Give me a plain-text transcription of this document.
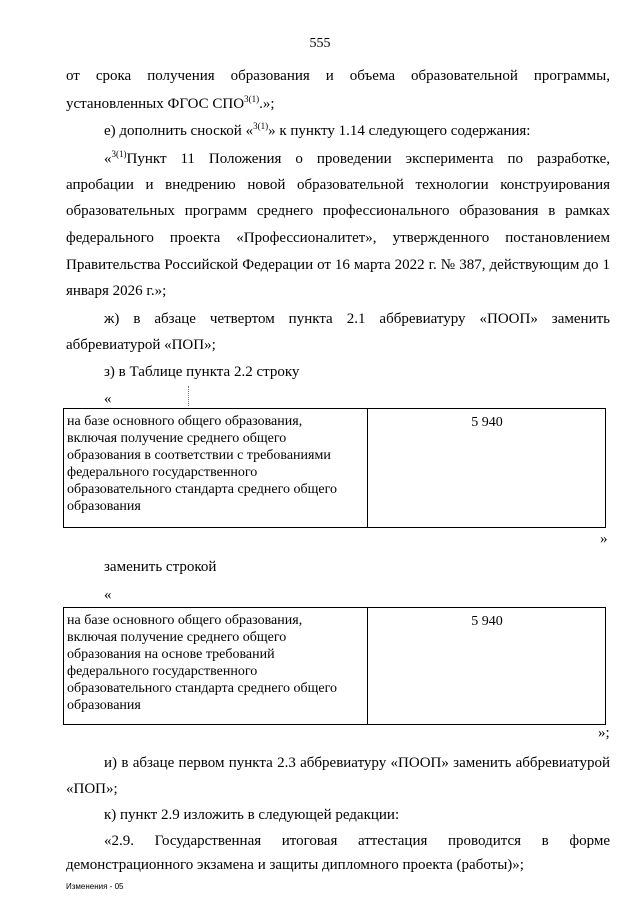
555
от срока получения образования и объема образовательной программы,
установленных ФГОС $СПО^{3(1)}$.»;
е) дополнить сноской «$^{3(1)}$» к пункту 1.14 следующего содержания:
«$^{3(1)}$Пункт 11 Положения о проведении эксперимента по разработке,
апробации и внедрению новой образовательной технологии конструирования
образовательных программ среднего профессионального образования в рамках
федерального проекта «Профессионалитет», утвержденного постановлением
Правительства Российской Федерации от 16 марта 2022 г. № 387, действующим до 1
января 2026 г.»;
ж) в абзаце четвертом пункта 2.1 аббревиатуру «ПООП» заменить
аббревиатурой «ПОП»;
з) в Таблице пункта 2.2 строку
«
на базе основного общего образования,
включая получение среднего общего
образования в соответствии с требованиями
федерального государственного
образовательного стандарта среднего общего
образования
5 940
»
заменить строкой
«
на базе основного общего образования,
включая получение среднего общего
образования на основе требований
федерального государственного
образовательного стандарта среднего общего
образования
5 940
»;
и) в абзаце первом пункта 2.3 аббревиатуру «ПООП» заменить аббревиатурой
«ПОП»;
к) пункт 2.9 изложить в следующей редакции:
«2.9. Государственная итоговая аттестация проводится в форме
демонстрационного экзамена и защиты дипломного проекта (работы)»;
Изменения - 05
